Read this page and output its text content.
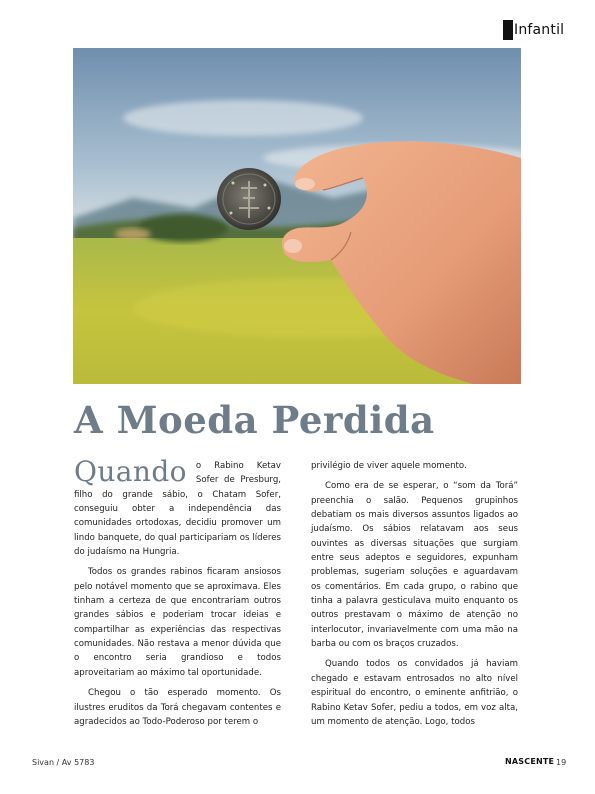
Infantil
A Moeda Perdida

Quando o Rabino Ketav Sofer de Presburg, filho do grande sábio, o Chatam Sofer, conseguiu obter a independência das comunidades ortodoxas, decidiu promover um lindo banquete, do qual participariam os líderes do judaísmo na Hungria.

Todos os grandes rabinos ficaram ansiosos pelo notável momento que se aproximava. Eles tinham a certeza de que encontrariam outros grandes sábios e poderiam trocar ideias e compartilhar as experiências das respectivas comunidades. Não restava a menor dúvida que o encontro seria grandioso e todos aproveitariam ao máximo tal oportunidade.

Chegou o tão esperado momento. Os ilustres eruditos da Torá chegavam contentes e agradecidos ao Todo-Poderoso por terem o

privilégio de viver aquele momento.

Como era de se esperar, o “som da Torá” preenchia o salão. Pequenos grupinhos debatiam os mais diversos assuntos ligados ao judaísmo. Os sábios relatavam aos seus ouvintes as diversas situações que surgiam entre seus adeptos e seguidores, expunham problemas, sugeriam soluções e aguardavam os comentários. Em cada grupo, o rabino que tinha a palavra gesticulava muito enquanto os outros prestavam o máximo de atenção no interlocutor, invariavelmente com uma mão na barba ou com os braços cruzados.

Quando todos os convidados já haviam chegado e estavam entrosados no alto nível espiritual do encontro, o eminente anfitrião, o Rabino Ketav Sofer, pediu a todos, em voz alta, um momento de atenção. Logo, todos

Sivan / Av 5783	NASCENTE 19
